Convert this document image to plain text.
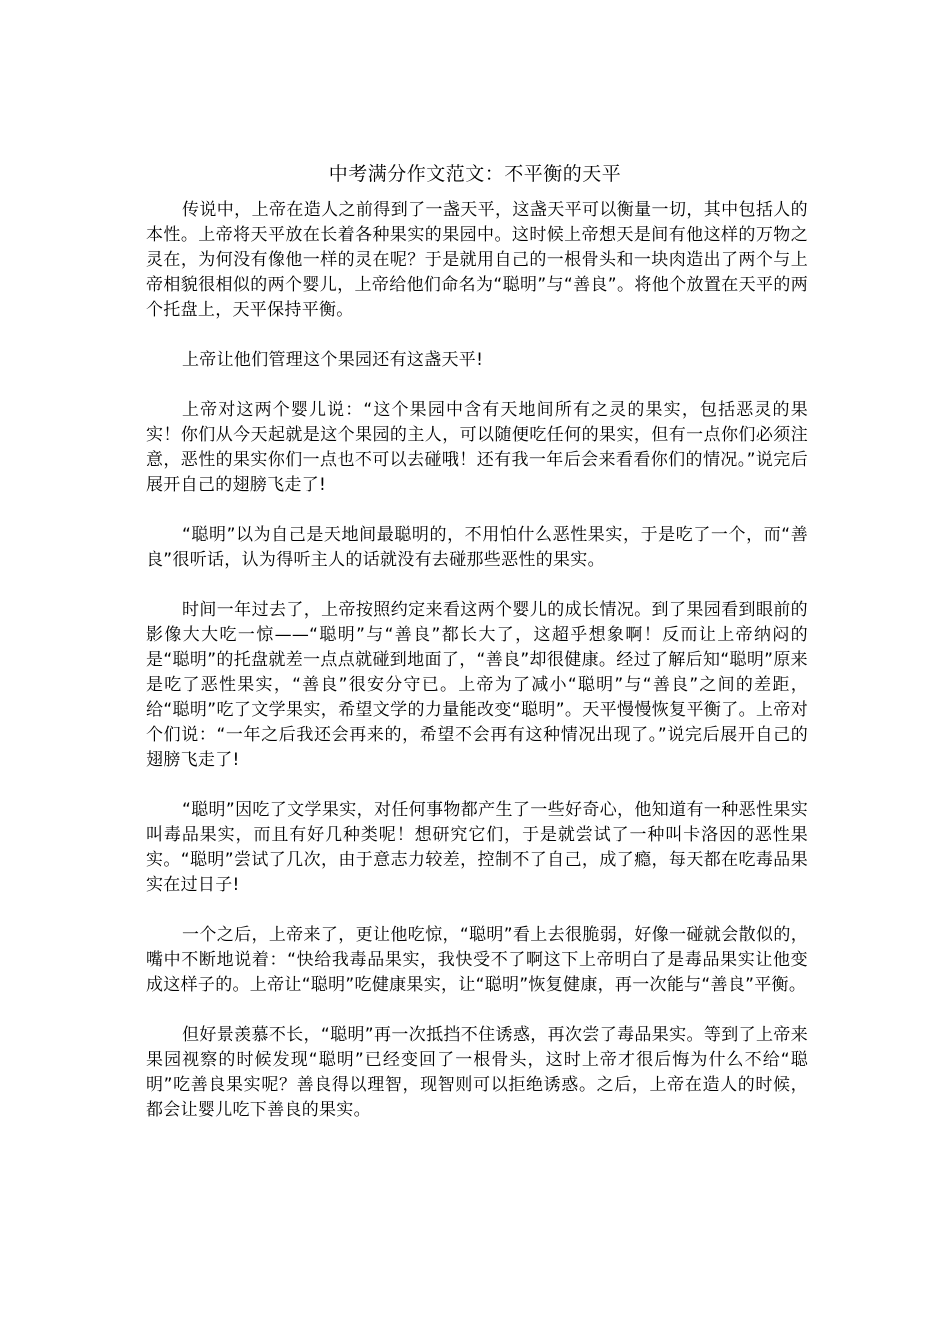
中考满分作文范文：不平衡的天平

传说中，上帝在造人之前得到了一盏天平，这盏天平可以衡量一切，其中包括人的本性。上帝将天平放在长着各种果实的果园中。这时候上帝想天是间有他这样的万物之灵在，为何没有像他一样的灵在呢？于是就用自己的一根骨头和一块肉造出了两个与上帝相貌很相似的两个婴儿，上帝给他们命名为“聪明”与“善良”。将他个放置在天平的两个托盘上，天平保持平衡。

上帝让他们管理这个果园还有这盏天平!

上帝对这两个婴儿说：“这个果园中含有天地间所有之灵的果实，包括恶灵的果实！你们从今天起就是这个果园的主人，可以随便吃任何的果实，但有一点你们必须注意，恶性的果实你们一点也不可以去碰哦！还有我一年后会来看看你们的情况。”说完后展开自己的翅膀飞走了!

“聪明”以为自己是天地间最聪明的，不用怕什么恶性果实，于是吃了一个，而“善良”很听话，认为得听主人的话就没有去碰那些恶性的果实。

时间一年过去了，上帝按照约定来看这两个婴儿的成长情况。到了果园看到眼前的影像大大吃一惊——“聪明”与“善良”都长大了，这超乎想象啊！反而让上帝纳闷的是“聪明”的托盘就差一点点就碰到地面了，“善良”却很健康。经过了解后知“聪明”原来是吃了恶性果实，“善良”很安分守已。上帝为了减小“聪明”与“善良”之间的差距，给“聪明”吃了文学果实，希望文学的力量能改变“聪明”。天平慢慢恢复平衡了。上帝对个们说：“一年之后我还会再来的，希望不会再有这种情况出现了。”说完后展开自己的翅膀飞走了!

“聪明”因吃了文学果实，对任何事物都产生了一些好奇心，他知道有一种恶性果实叫毒品果实，而且有好几种类呢！想研究它们，于是就尝试了一种叫卡洛因的恶性果实。“聪明”尝试了几次，由于意志力较差，控制不了自己，成了瘾，每天都在吃毒品果实在过日子!

一个之后，上帝来了，更让他吃惊，“聪明”看上去很脆弱，好像一碰就会散似的，嘴中不断地说着：“快给我毒品果实，我快受不了啊这下上帝明白了是毒品果实让他变成这样子的。上帝让“聪明”吃健康果实，让“聪明”恢复健康，再一次能与“善良”平衡。

但好景羡慕不长，“聪明”再一次抵挡不住诱惑，再次尝了毒品果实。等到了上帝来果园视察的时候发现“聪明”已经变回了一根骨头，这时上帝才很后悔为什么不给“聪明”吃善良果实呢？善良得以理智，现智则可以拒绝诱惑。之后，上帝在造人的时候，都会让婴儿吃下善良的果实。
